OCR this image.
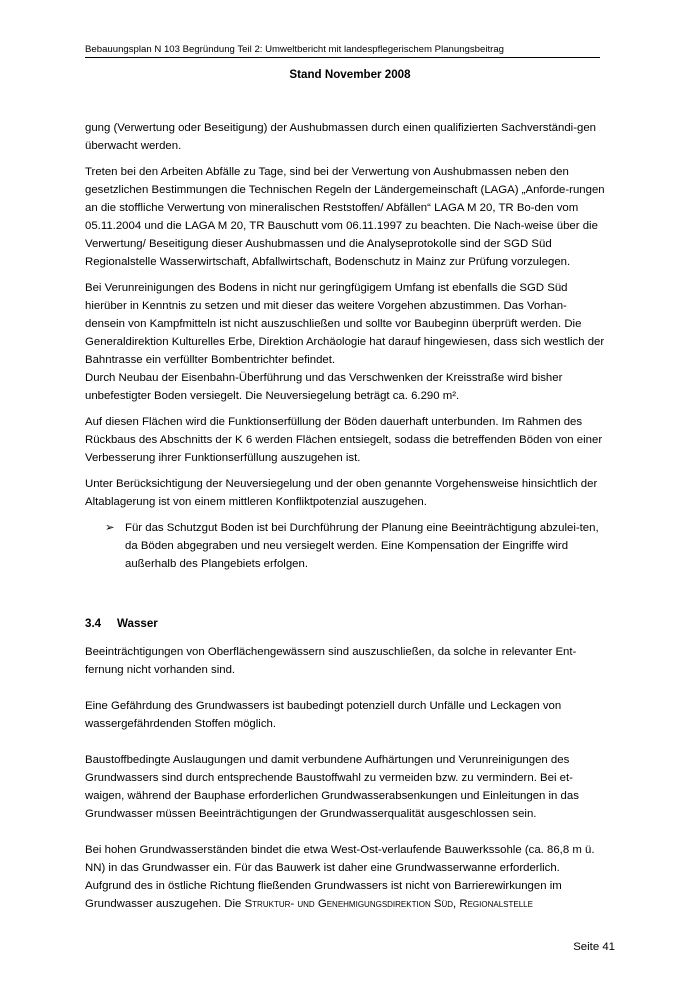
Bebauungsplan N 103 Begründung Teil 2: Umweltbericht mit landespflegerischem Planungsbeitrag
Stand November 2008

gung (Verwertung oder Beseitigung) der Aushubmassen durch einen qualifizierten Sachverständi-gen überwacht werden.

Treten bei den Arbeiten Abfälle zu Tage, sind bei der Verwertung von Aushubmassen neben den gesetzlichen Bestimmungen die Technischen Regeln der Ländergemeinschaft (LAGA) „Anforde-rungen an die stoffliche Verwertung von mineralischen Reststoffen/ Abfällen“ LAGA M 20, TR Bo-den vom 05.11.2004 und die LAGA M 20, TR Bauschutt vom 06.11.1997 zu beachten. Die Nach-weise über die Verwertung/ Beseitigung dieser Aushubmassen und die Analyseprotokolle sind der SGD Süd Regionalstelle Wasserwirtschaft, Abfallwirtschaft, Bodenschutz in Mainz zur Prüfung vorzulegen.

Bei Verunreinigungen des Bodens in nicht nur geringfügigem Umfang ist ebenfalls die SGD Süd hierüber in Kenntnis zu setzen und mit dieser das weitere Vorgehen abzustimmen. Das Vorhan-densein von Kampfmitteln ist nicht auszuschließen und sollte vor Baubeginn überprüft werden. Die Generaldirektion Kulturelles Erbe, Direktion Archäologie hat darauf hingewiesen, dass sich westlich der Bahntrasse ein verfüllter Bombentrichter befindet.

Durch Neubau der Eisenbahn-Überführung und das Verschwenken der Kreisstraße wird bisher unbefestigter Boden versiegelt. Die Neuversiegelung beträgt ca. 6.290 m².

Auf diesen Flächen wird die Funktionserfüllung der Böden dauerhaft unterbunden. Im Rahmen des Rückbaus des Abschnitts der K 6 werden Flächen entsiegelt, sodass die betreffenden Böden von einer Verbesserung ihrer Funktionserfüllung auszugehen ist.

Unter Berücksichtigung der Neuversiegelung und der oben genannte Vorgehensweise hinsichtlich der Altablagerung ist von einem mittleren Konfliktpotenzial auszugehen.

➢ Für das Schutzgut Boden ist bei Durchführung der Planung eine Beeinträchtigung abzulei-ten, da Böden abgegraben und neu versiegelt werden. Eine Kompensation der Eingriffe wird außerhalb des Plangebiets erfolgen.
3.4 Wasser

Beeinträchtigungen von Oberflächengewässern sind auszuschließen, da solche in relevanter Ent-fernung nicht vorhanden sind.

Eine Gefährdung des Grundwassers ist baubedingt potenziell durch Unfälle und Leckagen von wassergefährdenden Stoffen möglich.

Baustoffbedingte Auslaugungen und damit verbundene Aufhärtungen und Verunreinigungen des Grundwassers sind durch entsprechende Baustoffwahl zu vermeiden bzw. zu vermindern. Bei et-waigen, während der Bauphase erforderlichen Grundwasserabsenkungen und Einleitungen in das Grundwasser müssen Beeinträchtigungen der Grundwasserqualität ausgeschlossen sein.

Bei hohen Grundwasserständen bindet die etwa West-Ost-verlaufende Bauwerkssohle (ca. 86,8 m ü. NN) in das Grundwasser ein. Für das Bauwerk ist daher eine Grundwasserwanne erforderlich. Aufgrund des in östliche Richtung fließenden Grundwassers ist nicht von Barrierewirkungen im Grundwasser auszugehen. Die Struktur- und Genehmigungsdirektion Süd, Regionalstelle

Seite 41
